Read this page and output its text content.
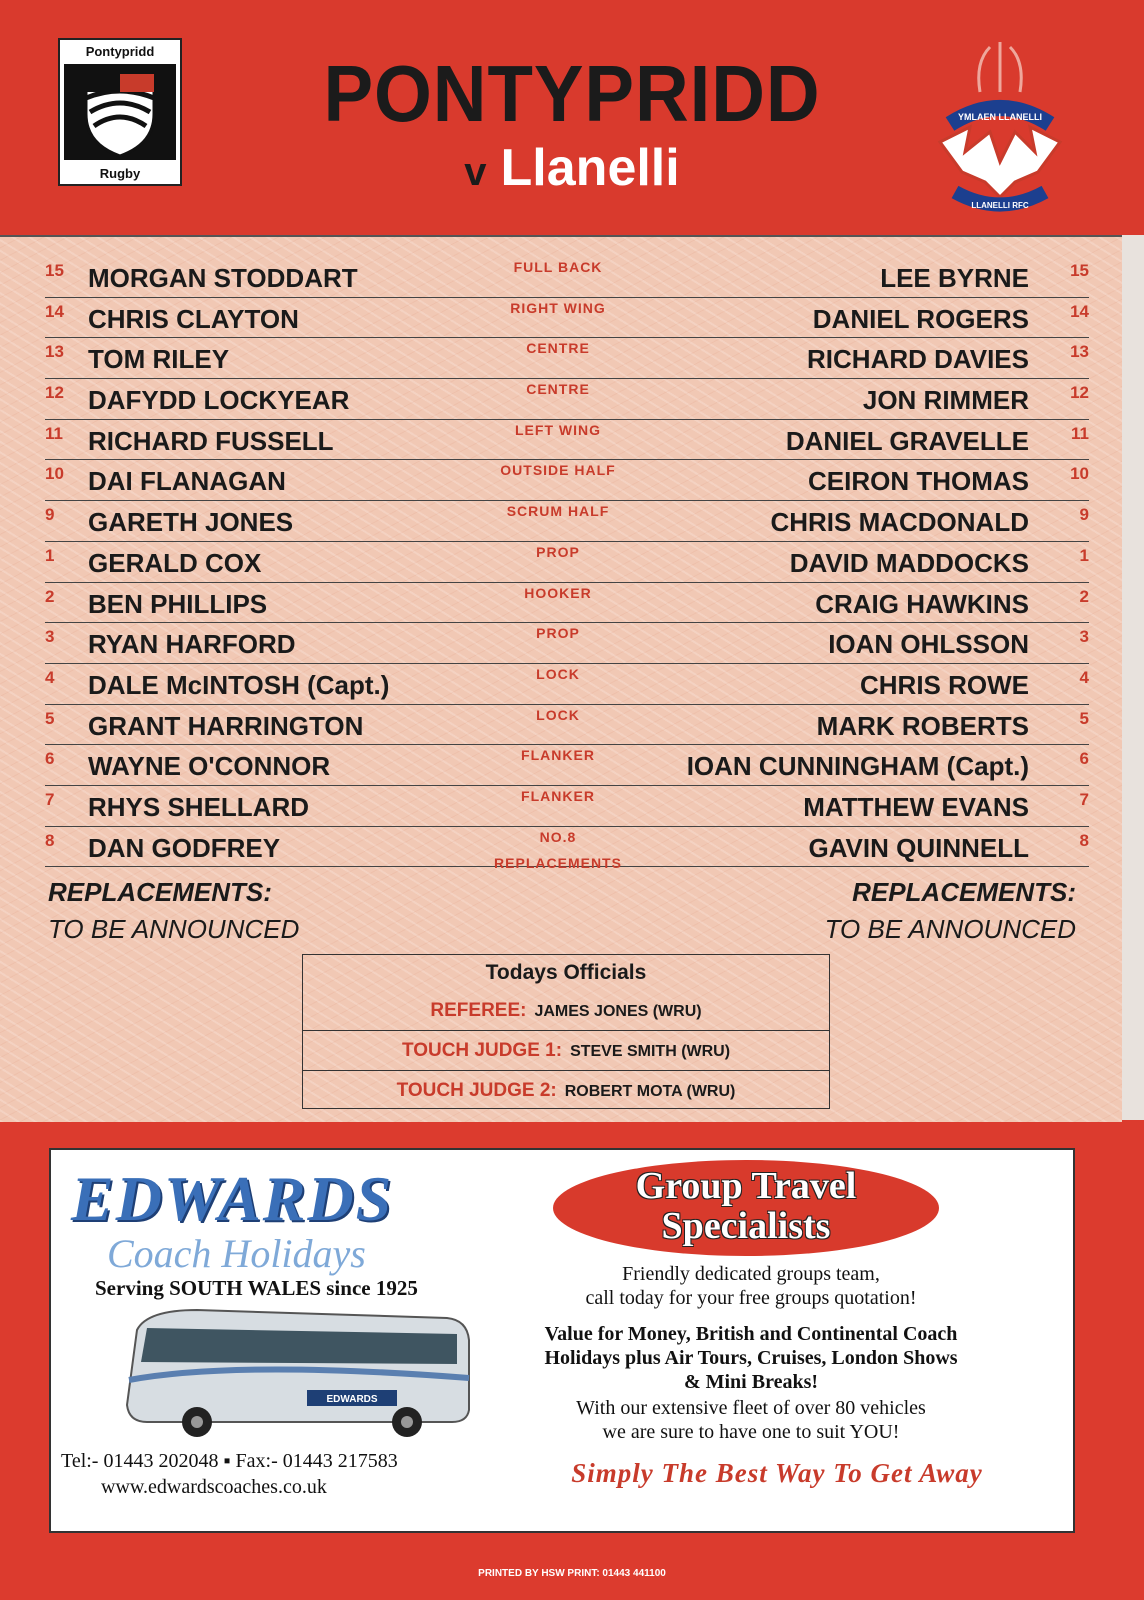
Pontypridd
Rugby
PONTYPRIDD
v Llanelli
YMLAEN LLANELLI
LLANELLI RFC
15 MORGAN STODDART	FULL BACK	LEE BYRNE 15
14 CHRIS CLAYTON	RIGHT WING	DANIEL ROGERS 14
13 TOM RILEY	CENTRE	RICHARD DAVIES 13
12 DAFYDD LOCKYEAR	CENTRE	JON RIMMER 12
11 RICHARD FUSSELL	LEFT WING	DANIEL GRAVELLE 11
10 DAI FLANAGAN	OUTSIDE HALF	CEIRON THOMAS 10
9 GARETH JONES	SCRUM HALF	CHRIS MACDONALD	9
1 GERALD COX	PROP	DAVID MADDOCKS	1
2 BEN PHILLIPS	HOOKER	CRAIG HAWKINS	2
3 RYAN HARFORD	PROP	IOAN OHLSSON	3
4 DALE McINTOSH (Capt.)	LOCK	CHRIS ROWE	4
5 GRANT HARRINGTON	LOCK	MARK ROBERTS	5
6 WAYNE O'CONNOR	FLANKER	IOAN CUNNINGHAM (Capt.)	6
7 RHYS SHELLARD	FLANKER	MATTHEW EVANS	7
8 DAN GODFREY	NO.8	GAVIN QUINNELL	8
REPLACEMENTS
REPLACEMENTS:
TO BE ANNOUNCED
REPLACEMENTS:
TO BE ANNOUNCED
Todays Officials
REFEREE: JAMES JONES (WRU)
TOUCH JUDGE 1: STEVE SMITH (WRU)
TOUCH JUDGE 2: ROBERT MOTA (WRU)
EDWARDS
Coach Holidays
Serving SOUTH WALES since 1925
EDWARDS
Tel:- 01443 202048 ▪ Fax:- 01443 217583
www.edwardscoaches.co.uk
Group Travel
Specialists
Friendly dedicated groups team,
call today for your free groups quotation!
Value for Money, British and Continental Coach
Holidays plus Air Tours, Cruises, London Shows
& Mini Breaks!
With our extensive fleet of over 80 vehicles
we are sure to have one to suit YOU!
Simply The Best Way To Get Away
PRINTED BY HSW PRINT: 01443 441100
